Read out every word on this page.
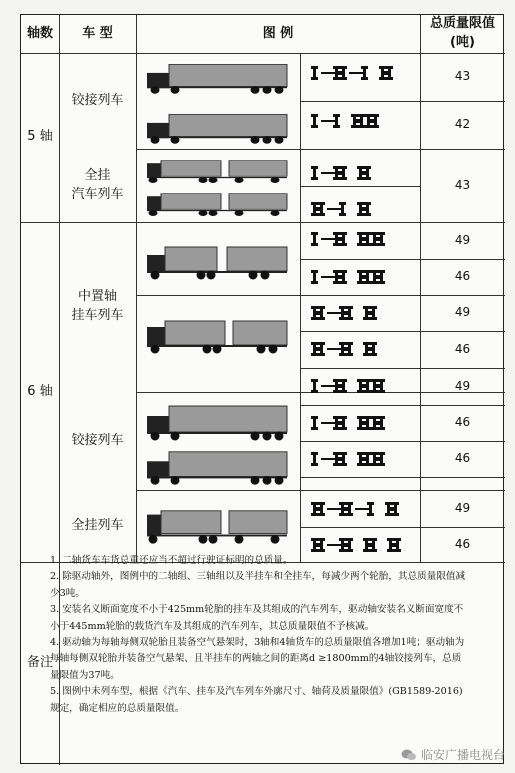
轴数 车 型	图 例
总质量限值
(吨)
5 轴
6 轴
铰接列车
全挂
汽车列车
中置轴
挂车列车
铰接列车
全挂列车
43
42
43
49
46
49
46
49
46
46
49
46
备注

1. 二轴货车车货总重还应当不超过行驶证标明的总质量。

2. 除驱动轴外，图例中的二轴组、三轴组以及半挂车和全挂车，每减少两个轮胎，其总质量限值减少3吨。

3. 安装名义断面宽度不小于425mm轮胎的挂车及其组成的汽车列车，驱动轴安装名义断面宽度不小于445mm轮胎的载货汽车及其组成的汽车列车，其总质量限值不予核减。

4. 驱动轴为每轴每侧双轮胎且装备空气悬架时，3轴和4轴货车的总质量限值各增加1吨；驱动轴为每轴每侧双轮胎并装备空气悬架、且半挂车的两轴之间的距离d ≥1800mm的4轴铰接列车，总质量限值为37吨。

5. 图例中未列车型，根据《汽车、挂车及汽车列车外廓尺寸、轴荷及质量限值》(GB1589-2016)规定，确定相应的总质量限值。

临安广播电视台
